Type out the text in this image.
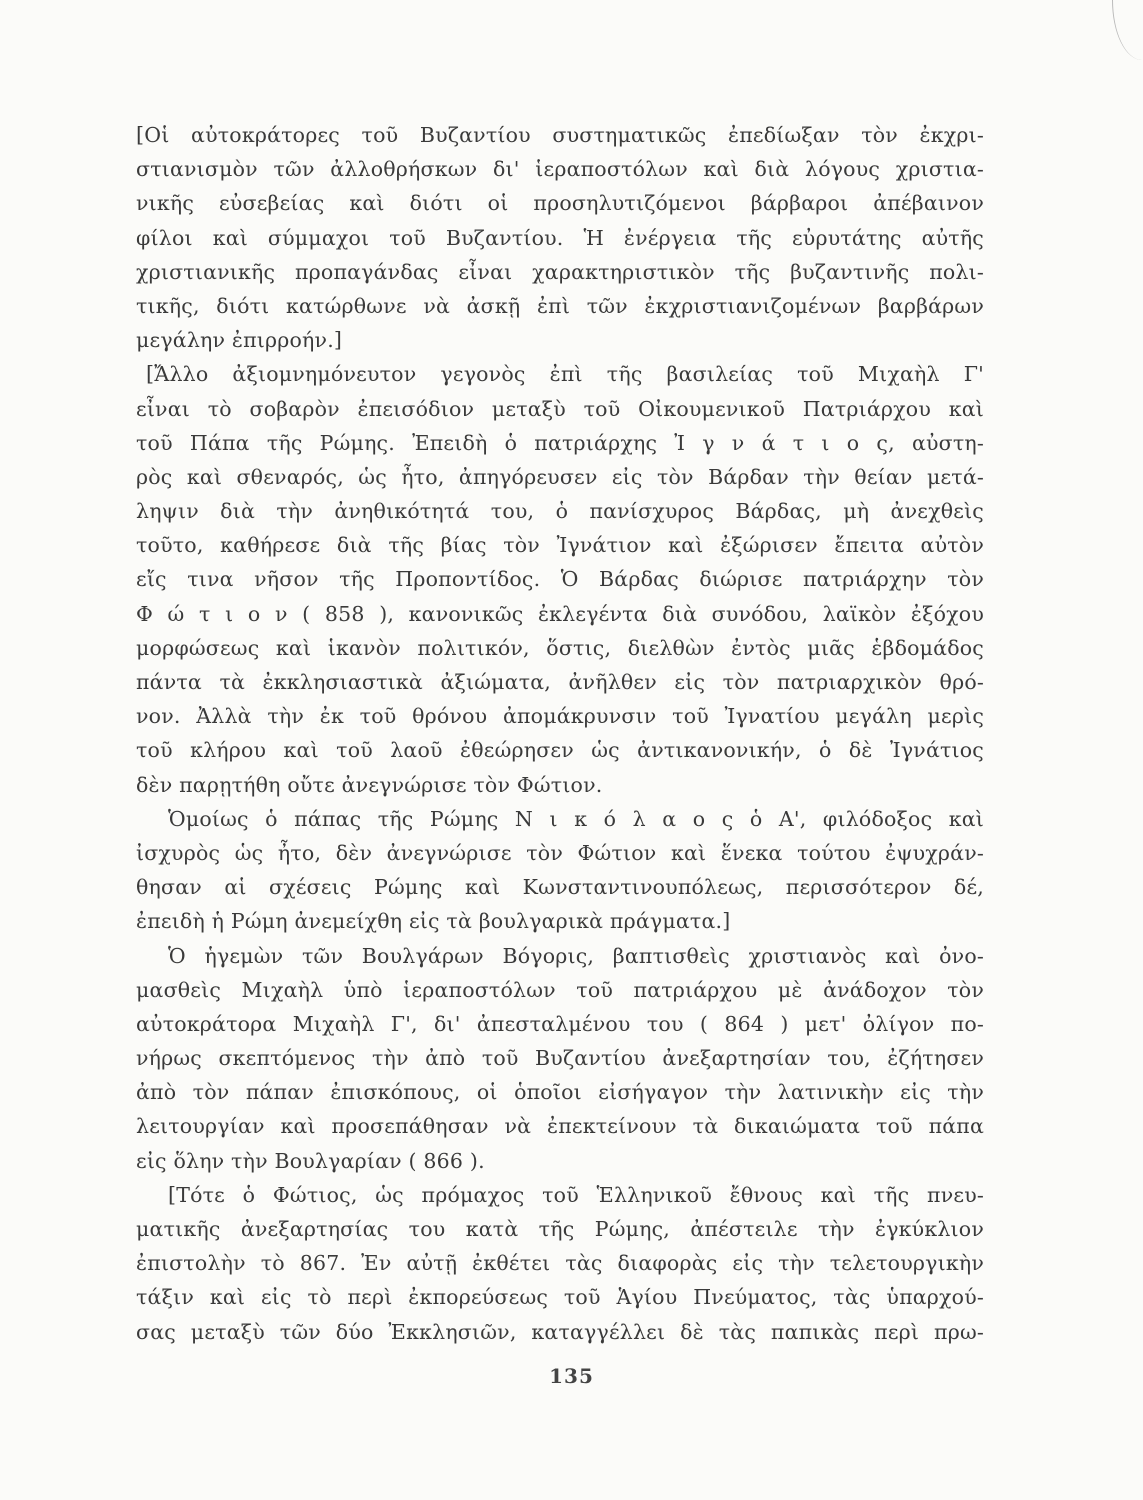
[Οἱ αὐτοκράτορες τοῦ Βυζαντίου συστηματικῶς ἐπεδίωξαν τὸν ἐκχρι-
στιανισμὸν τῶν ἀλλοθρήσκων δι' ἱεραποστόλων καὶ διὰ λόγους χριστια-
νικῆς εὐσεβείας καὶ διότι οἱ προσηλυτιζόμενοι βάρβαροι ἀπέβαινον
φίλοι καὶ σύμμαχοι τοῦ Βυζαντίου. Ἡ ἐνέργεια τῆς εὐρυτάτης αὐτῆς
χριστιανικῆς προπαγάνδας εἶναι χαρακτηριστικὸν τῆς βυζαντινῆς πολι-
τικῆς, διότι κατώρθωνε νὰ ἀσκῇ ἐπὶ τῶν ἐκχριστιανιζομένων βαρβάρων
μεγάλην ἐπιρροήν.]
[Ἄλλο ἀξιομνημόνευτον γεγονὸς ἐπὶ τῆς βασιλείας τοῦ Μιχαὴλ Γ'
εἶναι τὸ σοβαρὸν ἐπεισόδιον μεταξὺ τοῦ Οἰκουμενικοῦ Πατριάρχου καὶ
τοῦ Πάπα τῆς Ρώμης. Ἐπειδὴ ὁ πατριάρχης Ἰ γ ν ά τ ι ο ς, αὐστη-
ρὸς καὶ σθεναρός, ὡς ἦτο, ἀπηγόρευσεν εἰς τὸν Βάρδαν τὴν θείαν μετά-
ληψιν διὰ τὴν ἀνηθικότητά του, ὁ πανίσχυρος Βάρδας, μὴ ἀνεχθεὶς
τοῦτο, καθήρεσε διὰ τῆς βίας τὸν Ἰγνάτιον καὶ ἐξώρισεν ἔπειτα αὐτὸν
εἴς τινα νῆσον τῆς Προποντίδος. Ὁ Βάρδας διώρισε πατριάρχην τὸν
Φ ώ τ ι ο ν ( 858 ), κανονικῶς ἐκλεγέντα διὰ συνόδου, λαϊκὸν ἐξόχου
μορφώσεως καὶ ἱκανὸν πολιτικόν, ὅστις, διελθὼν ἐντὸς μιᾶς ἑβδομάδος
πάντα τὰ ἐκκλησιαστικὰ ἀξιώματα, ἀνῆλθεν εἰς τὸν πατριαρχικὸν θρό-
νον. Ἀλλὰ τὴν ἐκ τοῦ θρόνου ἀπομάκρυνσιν τοῦ Ἰγνατίου μεγάλη μερὶς
τοῦ κλήρου καὶ τοῦ λαοῦ ἐθεώρησεν ὡς ἀντικανονικήν, ὁ δὲ Ἰγνάτιος
δὲν παρῃτήθη οὔτε ἀνεγνώρισε τὸν Φώτιον.
Ὁμοίως ὁ πάπας τῆς Ρώμης Ν ι κ ό λ α ο ς ὁ Α', φιλόδοξος καὶ
ἰσχυρὸς ὡς ἦτο, δὲν ἀνεγνώρισε τὸν Φώτιον καὶ ἕνεκα τούτου ἐψυχράν-
θησαν αἱ σχέσεις Ρώμης καὶ Κωνσταντινουπόλεως, περισσότερον δέ,
ἐπειδὴ ἡ Ρώμη ἀνεμείχθη εἰς τὰ βουλγαρικὰ πράγματα.]
Ὁ ἡγεμὼν τῶν Βουλγάρων Βόγορις, βαπτισθεὶς χριστιανὸς καὶ ὀνο-
μασθεὶς Μιχαὴλ ὑπὸ ἱεραποστόλων τοῦ πατριάρχου μὲ ἀνάδοχον τὸν
αὐτοκράτορα Μιχαὴλ Γ', δι' ἀπεσταλμένου του ( 864 ) μετ' ὀλίγον πο-
νήρως σκεπτόμενος τὴν ἀπὸ τοῦ Βυζαντίου ἀνεξαρτησίαν του, ἐζήτησεν
ἀπὸ τὸν πάπαν ἐπισκόπους, οἱ ὁποῖοι εἰσήγαγον τὴν λατινικὴν εἰς τὴν
λειτουργίαν καὶ προσεπάθησαν νὰ ἐπεκτείνουν τὰ δικαιώματα τοῦ πάπα
εἰς ὅλην τὴν Βουλγαρίαν ( 866 ).
[Τότε ὁ Φώτιος, ὡς πρόμαχος τοῦ Ἑλληνικοῦ ἔθνους καὶ τῆς πνευ-
ματικῆς ἀνεξαρτησίας του κατὰ τῆς Ρώμης, ἀπέστειλε τὴν ἐγκύκλιον
ἐπιστολὴν τὸ 867. Ἐν αὐτῇ ἐκθέτει τὰς διαφορὰς εἰς τὴν τελετουργικὴν
τάξιν καὶ εἰς τὸ περὶ ἐκπορεύσεως τοῦ Ἁγίου Πνεύματος, τὰς ὑπαρχού-
σας μεταξὺ τῶν δύο Ἐκκλησιῶν, καταγγέλλει δὲ τὰς παπικὰς περὶ πρω-
135
